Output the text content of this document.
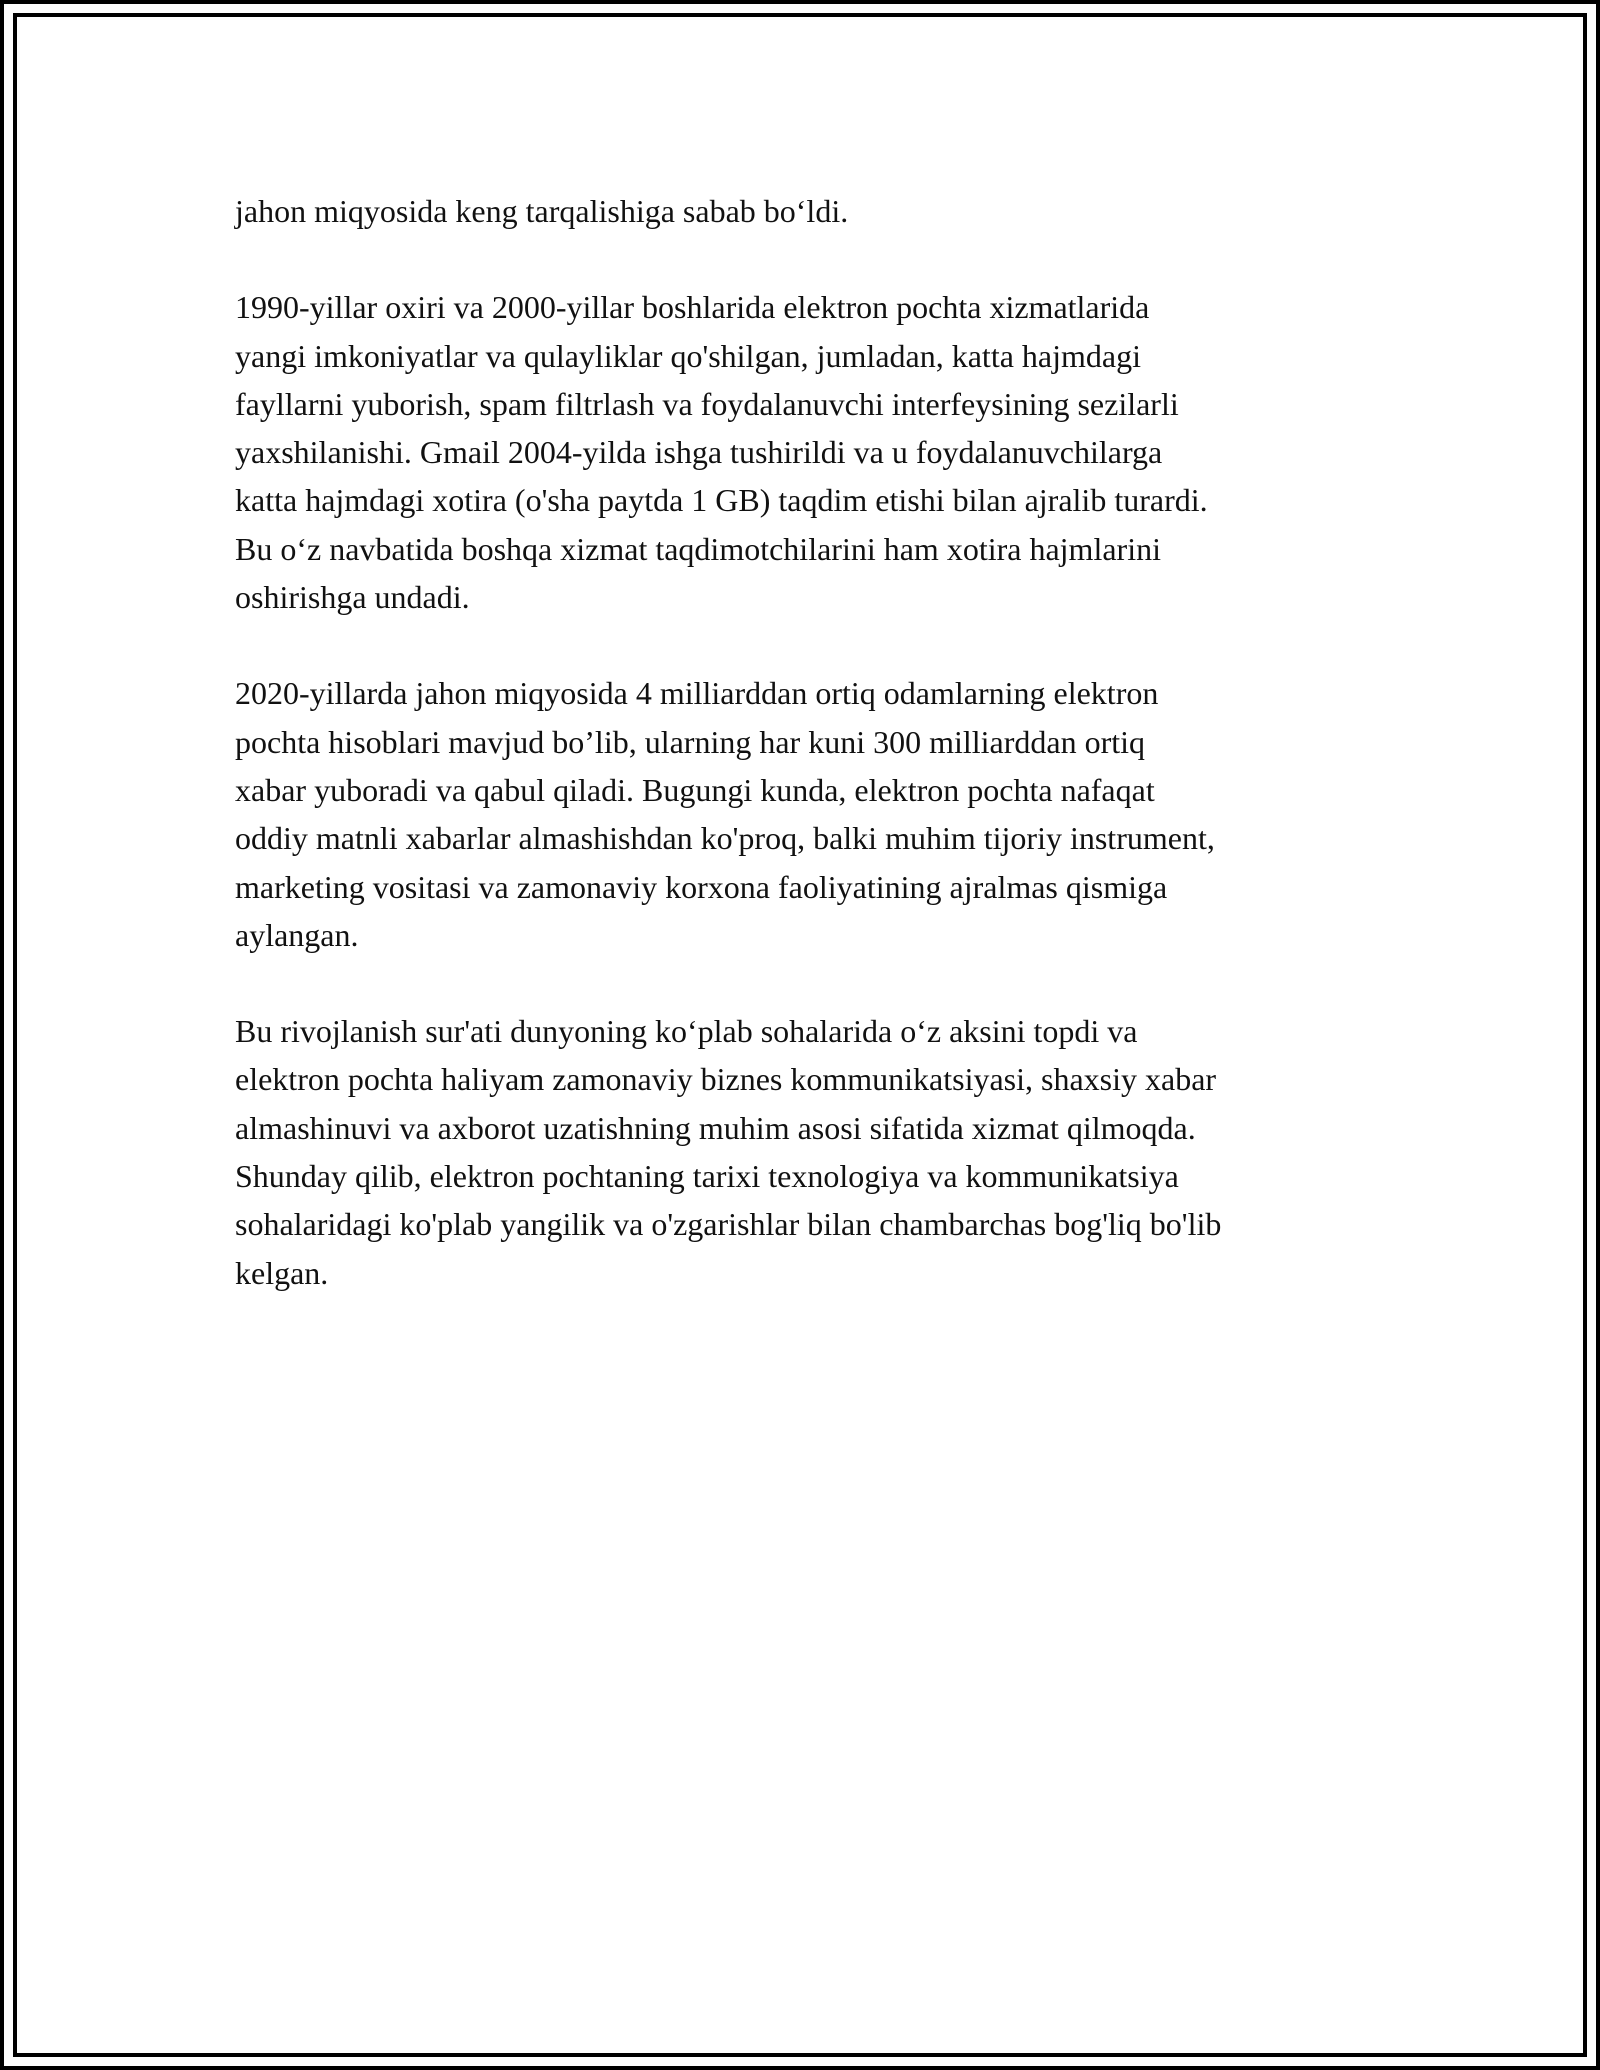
jahon miqyosida keng tarqalishiga sabab bo‘ldi.

1990-yillar oxiri va 2000-yillar boshlarida elektron pochta xizmatlarida
yangi imkoniyatlar va qulayliklar qo'shilgan, jumladan, katta hajmdagi
fayllarni yuborish, spam filtrlash va foydalanuvchi interfeysining sezilarli
yaxshilanishi. Gmail 2004-yilda ishga tushirildi va u foydalanuvchilarga
katta hajmdagi xotira (o'sha paytda 1 GB) taqdim etishi bilan ajralib turardi.
Bu o‘z navbatida boshqa xizmat taqdimotchilarini ham xotira hajmlarini
oshirishga undadi.

2020-yillarda jahon miqyosida 4 milliarddan ortiq odamlarning elektron
pochta hisoblari mavjud bo’lib, ularning har kuni 300 milliarddan ortiq
xabar yuboradi va qabul qiladi. Bugungi kunda, elektron pochta nafaqat
oddiy matnli xabarlar almashishdan ko'proq, balki muhim tijoriy instrument,
marketing vositasi va zamonaviy korxona faoliyatining ajralmas qismiga
aylangan.

Bu rivojlanish sur'ati dunyoning ko‘plab sohalarida o‘z aksini topdi va
elektron pochta haliyam zamonaviy biznes kommunikatsiyasi, shaxsiy xabar
almashinuvi va axborot uzatishning muhim asosi sifatida xizmat qilmoqda.
Shunday qilib, elektron pochtaning tarixi texnologiya va kommunikatsiya
sohalaridagi ko'plab yangilik va o'zgarishlar bilan chambarchas bog'liq bo'lib
kelgan.
